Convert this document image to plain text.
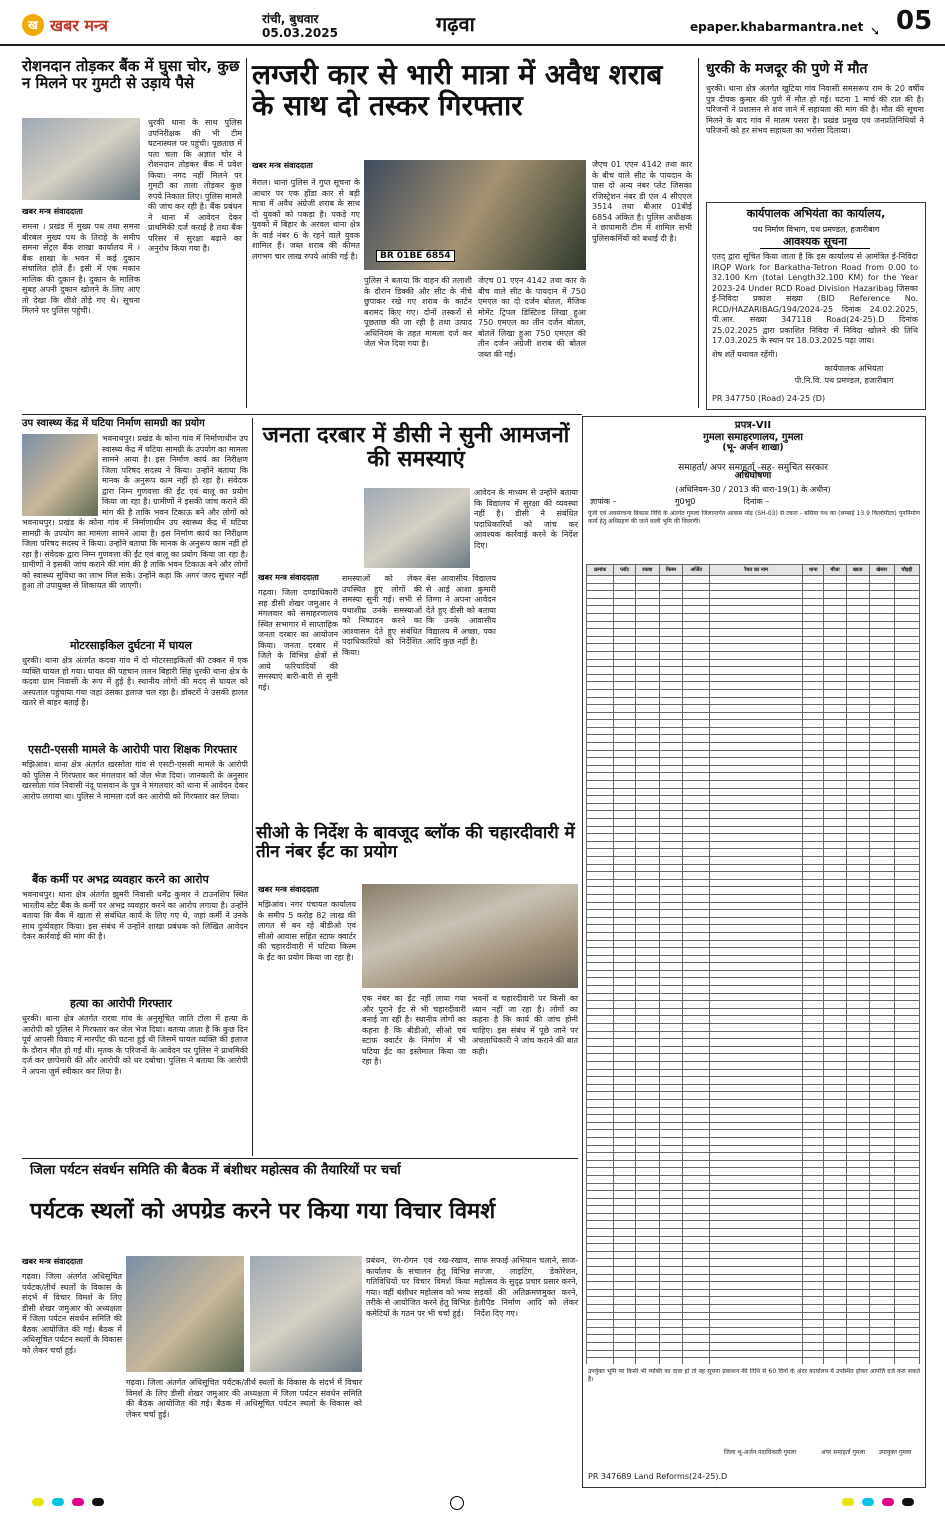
ख खबर मन्त्र	रांची, बुधवार
05.03.2025	गढ़वा	epaper.khabarmantra.net ➘ 05
रोशनदान तोड़कर बैंक में घुसा चोर, कुछ न मिलने पर गुमटी से उड़ाये पैसे
खबर मन्त्र संवाददाता
समना । प्रखंड में मुख्य पथ तथा समना बीरबल मुख्य पथ के तिराहे के समीप समना सेंट्रल बैंक शाखा कार्यालय में । बैंक शाखा के भवन में कई दुकान संचालित होते हैं। इसी में एक मकान मालिक की दुकान है। दुकान के मालिक सुबह अपनी दुकान खोलने के लिए आए तो देखा कि शीशे तोड़े गए थे। सूचना मिलने पर पुलिस पहुंची।
धुरकी थाना के साथ पुलिस उपनिरीक्षक की भी टीम घटनास्थल पर पहुंची। पूछताछ में पता चला कि अज्ञात चोर ने रोशनदान तोड़कर बैंक में प्रवेश किया। नगद नहीं मिलने पर गुमटी का ताला तोड़कर कुछ रुपये निकाल लिए। पुलिस मामले की जांच कर रही है। बैंक प्रबंधन ने थाना में आवेदन देकर प्राथमिकी दर्ज कराई है तथा बैंक परिसर में सुरक्षा बढ़ाने का अनुरोध किया गया है।
लग्जरी कार से भारी मात्रा में अवैध शराब के साथ दो तस्कर गिरफ्तार
खबर मन्त्र संवाददाता
मेराल। थाना पुलिस ने गुप्त सूचना के आधार पर एक होंडा कार से बड़ी मात्रा में अवैध अंग्रेजी शराब के साथ दो युवकों को पकड़ा है। पकड़े गए युवकों में बिहार के अरवल थाना क्षेत्र के वार्ड नंबर 6 के रहने वाले युवक शामिल हैं। जब्त शराब की कीमत लगभग चार लाख रुपये आंकी गई है।	BR 01BE 6854
पुलिस ने बताया कि वाहन की तलाशी के दौरान डिक्की और सीट के नीचे छुपाकर रखे गए शराब के कार्टन बरामद किए गए। दोनों तस्करों से पूछताछ की जा रही है तथा उत्पाद अधिनियम के तहत मामला दर्ज कर जेल भेज दिया गया है।
जेएच 01 एएन 4142 तथा कार के बीच वाले सीट के पायदान में 750 एमएल का दो दर्जन बोतल, मैजिक मोमेंट ट्रिपल डिस्टिल्ड लिखा हुआ 750 एमएल का तीन दर्जन बोतल, बोतलें लिखा हुआ 750 एमएल की तीन दर्जन अंग्रेजी शराब की बोतल जब्त की गई।
जेएच 01 एएन 4142 तथा कार के बीच वाले सीट के पायदान के पास दो अन्य नंबर प्लेट जिसका रजिस्ट्रेशन नंबर डी एल 4 सीएएल 3514 तथा बीआर 01बीई 6854 अंकित है। पुलिस अधीक्षक ने छापामारी टीम में शामिल सभी पुलिसकर्मियों को बधाई दी है।
धुरकी के मजदूर की पुणे में मौत
धुरकी। थाना क्षेत्र अंतर्गत खुटिया गांव निवासी समसरूप राम के 20 वर्षीय पुत्र दीपक कुमार की पुणे में मौत हो गई। घटना 1 मार्च की रात की है। परिजनों ने प्रशासन से शव लाने में सहायता की मांग की है। मौत की सूचना मिलने के बाद गांव में मातम पसरा है। प्रखंड प्रमुख एवं जनप्रतिनिधियों ने परिजनों को हर संभव सहायता का भरोसा दिलाया।
कार्यपालक अभियंता का कार्यालय,
पथ निर्माण विभाग, पथ प्रमण्डल, हजारीबाग
आवश्यक सूचना
एतद् द्वारा सूचित किया जाता है कि इस कार्यालय से आमंत्रित ई-निविदा IRQP Work for Barkatha-Tetron Road from 0.00 to 32.100 Km (total Length32.100 KM) for the Year 2023-24 Under RCD Road Division Hazaribag जिसका ई-निविदा प्रकाश संख्या (BID Reference No. RCD/HAZARIBAG/194/2024-25 दिनांक 24.02.2025, पी.आर. संख्या 347118 Road(24-25).D दिनांक 25.02.2025 द्वारा प्रकाशित निविदा में निविदा खोलने की तिथि 17.03.2025 के स्थान पर 18.03.2025 पढ़ा जाय।
शेष शर्ते यथावत रहेंगी।
कार्यपालक अभियंता
पी.नि.वि. पथ प्रमण्डल, हजारीबाग
PR 347750 (Road) 24-25 (D)
उप स्वास्थ्य केंद्र में घटिया निर्माण सामग्री का प्रयोग
भवनाथपुर। प्रखंड के कोना गांव में निर्माणाधीन उप स्वास्थ्य केंद्र में घटिया सामग्री के उपयोग का मामला सामने आया है। इस निर्माण कार्य का निरीक्षण जिला परिषद सदस्य ने किया। उन्होंने बताया कि मानक के अनुरूप काम नहीं हो रहा है। संवेदक द्वारा निम्न गुणवत्ता की ईंट एवं बालू का प्रयोग किया जा रहा है। ग्रामीणों ने इसकी जांच कराने की मांग की है ताकि भवन टिकाऊ बने और लोगों को
भवनाथपुर। प्रखंड के कोना गांव में निर्माणाधीन उप स्वास्थ्य केंद्र में घटिया सामग्री के उपयोग का मामला सामने आया है। इस निर्माण कार्य का निरीक्षण जिला परिषद सदस्य ने किया। उन्होंने बताया कि मानक के अनुरूप काम नहीं हो रहा है। संवेदक द्वारा निम्न गुणवत्ता की ईंट एवं बालू का प्रयोग किया जा रहा है। ग्रामीणों ने इसकी जांच कराने की मांग की है ताकि भवन टिकाऊ बने और लोगों को स्वास्थ्य सुविधा का लाभ मिल सके। उन्होंने कहा कि अगर जल्द सुधार नहीं हुआ तो उपायुक्त से शिकायत की जाएगी।
मोटरसाइकिल दुर्घटना में घायल
धुरकी। थाना क्षेत्र अंतर्गत कदवा गांव में दो मोटरसाइकिलों की टक्कर में एक व्यक्ति घायल हो गया। घायल की पहचान ललन बिहारी सिंह धुरकी थाना क्षेत्र के कदवा ग्राम निवासी के रूप में हुई है। स्थानीय लोगों की मदद से घायल को अस्पताल पहुंचाया गया जहां उसका इलाज चल रहा है। डॉक्टरों ने उसकी हालत खतरे से बाहर बताई है।
एसटी-एससी मामले के आरोपी पारा शिक्षक गिरफ्तार
मझिआंव। थाना क्षेत्र अंतर्गत खरसोता गांव से एसटी-एससी मामले के आरोपी को पुलिस ने गिरफ्तार कर मंगलवार को जेल भेज दिया। जानकारी के अनुसार खरसोता गांव निवासी नंदू पासवान के पुत्र ने मंगलवार को थाना में आवेदन देकर आरोप लगाया था। पुलिस ने मामला दर्ज कर आरोपी को गिरफ्तार कर लिया।
बैंक कर्मी पर अभद्र व्यवहार करने का आरोप
भवनाथपुर। थाना क्षेत्र अंतर्गत झुमरी निवासी धर्मेंद्र कुमार ने टाउनशिप स्थित भारतीय स्टेट बैंक के कर्मी पर अभद्र व्यवहार करने का आरोप लगाया है। उन्होंने बताया कि बैंक में खाता से संबंधित कार्य के लिए गए थे, जहां कर्मी ने उनके साथ दुर्व्यवहार किया। इस संबंध में उन्होंने शाखा प्रबंधक को लिखित आवेदन देकर कार्रवाई की मांग की है।
हत्या का आरोपी गिरफ्तार
धुरकी। थाना क्षेत्र अंतर्गत रारवा गांव के अनुसूचित जाति टोला में हत्या के आरोपी को पुलिस ने गिरफ्तार कर जेल भेज दिया। बताया जाता है कि कुछ दिन पूर्व आपसी विवाद में मारपीट की घटना हुई थी जिसमें घायल व्यक्ति की इलाज के दौरान मौत हो गई थी। मृतक के परिजनों के आवेदन पर पुलिस ने प्राथमिकी दर्ज कर छापेमारी की और आरोपी को धर दबोचा। पुलिस ने बताया कि आरोपी ने अपना जुर्म स्वीकार कर लिया है।
जनता दरबार में डीसी ने सुनी आमजनों की समस्याएं
खबर मन्त्र संवाददाता
गढ़वा। जिला दण्डाधिकारी सह डीसी शेखर जमुआर ने मंगलवार को समाहरणालय स्थित सभागार में साप्ताहिक जनता दरबार का आयोजन किया। जनता दरबार में जिले के विभिन्न क्षेत्रों से आये फरियादियों की समस्याएं बारी-बारी से सुनी गई।
समस्याओं को लेकर उपस्थित हुए लोगों की समस्या सुनी गई। सभी से यथाशीघ्र उनके समस्याओं को निष्पादन करने का आश्वासन देते हुए संबंधित पदाधिकारियों को निर्देशित किया।
बेस आवासीय विद्यालय से आई आशा कुमारी तिग्गा ने अपना आवेदन देते हुए डीसी को बताया कि उनके आवासीय विद्यालय में अच्छा, पका आदि कुछ नहीं है।
आवेदन के माध्यम से उन्होंने बताया कि विद्यालय में सुरक्षा की व्यवस्था नहीं है। डीसी ने संबंधित पदाधिकारियों को जांच कर आवश्यक कार्रवाई करने के निर्देश दिए।
सीओ के निर्देश के बावजूद ब्लॉक की चहारदीवारी में तीन नंबर ईंट का प्रयोग
खबर मन्त्र संवाददाता
मझिआंव। नगर पंचायत कार्यालय के समीप 5 करोड़ 82 लाख की लागत से बन रहे बीडीओ एवं सीओ आवास सहित स्टाफ क्वार्टर की चहारदीवारी में घटिया किस्म के ईंट का प्रयोग किया जा रहा है।
एक नंबर का ईंट नहीं लाया गया और पुराने ईंट से भी चहारदीवारी बनाई जा रही है। स्थानीय लोगों का कहना है कि बीडीओ, सीओ एवं स्टाफ क्वार्टर के निर्माण में भी घटिया ईंट का इस्तेमाल किया जा रहा है।
भवनों व चहारदीवारी पर किसी का ध्यान नहीं जा रहा है। लोगों का कहना है कि कार्य की जांच होनी चाहिए। इस संबंध में पूछे जाने पर अंचलाधिकारी ने जांच कराने की बात कही।
जिला पर्यटन संवर्धन समिति की बैठक में बंशीधर महोत्सव की तैयारियों पर चर्चा
पर्यटक स्थलों को अपग्रेड करने पर किया गया विचार विमर्श
खबर मन्त्र संवाददाता
गढ़वा। जिला अंतर्गत अधिसूचित पर्यटक/तीर्थ स्थलों के विकास के संदर्भ में विचार विमर्श के लिए डीसी शेखर जमुआर की अध्यक्षता में जिला पर्यटन संवर्धन समिति की बैठक आयोजित की गई। बैठक में अधिसूचित पर्यटन स्थलों के विकास को लेकर चर्चा हुई।
गढ़वा। जिला अंतर्गत अधिसूचित पर्यटक/तीर्थ स्थलों के विकास के संदर्भ में विचार विमर्श के लिए डीसी शेखर जमुआर की अध्यक्षता में जिला पर्यटन संवर्धन समिति की बैठक आयोजित की गई। बैठक में अधिसूचित पर्यटन स्थलों के विकास को लेकर चर्चा हुई।
प्रबंधन, रंग-रोगन एवं रख-रखाव, कार्यालय के संचालन हेतु विभिन्न गतिविधियों पर विचार विमर्श किया गया। वहीं बंशीधर महोत्सव को भव्य तरीके से आयोजित करने हेतु विभिन्न कमेटियों के गठन पर भी चर्चा हुई।
साफ सफाई अभियान चलाने, साज-सज्जा, लाइटिंग, डेकोरेशन, महोत्सव के सुदृढ़ प्रचार प्रसार करने, सड़कों की अतिक्रमणमुक्त करने, हेलीपैड निर्माण आदि को लेकर निर्देश दिए गए।
प्रपत्र-VII
गुमला समाहरणालय, गुमला
(भू- अर्जन शाखा)
समाहर्ता/ अपर समाहर्ता -सह- समुचित सरकार
अधिघोषणा
(अधिनियम-30 / 2013 की धारा-19(1) के अधीन)
ज्ञापांक –                       गु0भू0                   दिनांक –
पूंजी एवं अवसंरचना विकास निधि के अंतर्गत गुमला जिलान्तर्गत आवास मोड़ (SH-03) से टकरा - बसिया पथ का (लम्बाई 13.9 किलोमीटर) पुनर्निर्माण कार्य हेतु अधिग्रहण की जाने वाली भूमि की विवरणी।
क्रमांक	प्लॉट	रकबा	किस्म	अर्जित	रैयत का नाम	थाना	मौजा	खाता	खेसरा	चौहद्दी

उपर्युक्त भूमि पर किसी भी व्यक्ति का दावा हो तो वह सूचना प्रकाशन की तिथि से 60 दिनों के अंदर कार्यालय में उपस्थित होकर आपत्ति दर्ज करा सकते हैं।
जिला भू-अर्जन पदाधिकारी गुमला	अपर समाहर्ता गुमला	उपायुक्त गुमला
PR 347689 Land Reforms(24-25).D
